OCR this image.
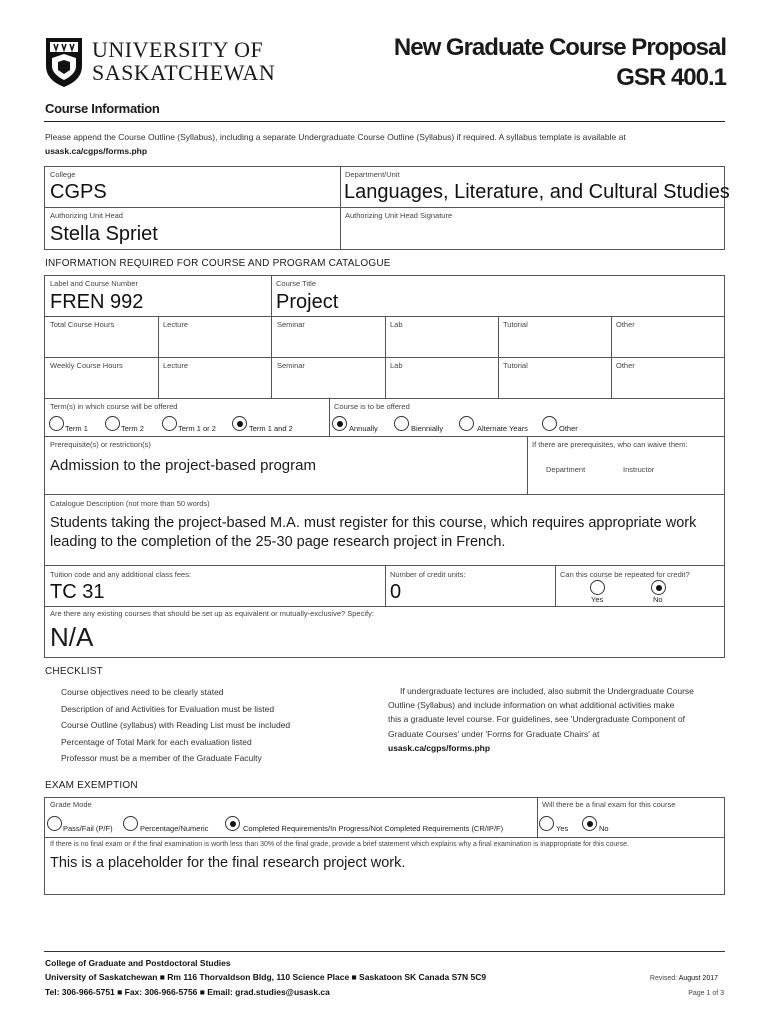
UNIVERSITY OF
SASKATCHEWAN
New Graduate Course Proposal
GSR 400.1
Course Information
Please append the Course Outline (Syllabus), including a separate Undergraduate Course Outline (Syllabus) if required. A syllabus template is available at
usask.ca/cgps/forms.php
College
CGPS
Department/Unit
Languages, Literature, and Cultural Studies
Authorizing Unit Head
Stella Spriet
Authorizing Unit Head Signature
INFORMATION REQUIRED FOR COURSE AND PROGRAM CATALOGUE
Label and Course Number
FREN 992
Course Title
Project
Total Course Hours	Lecture	Seminar	Lab	Tutorial	Other
Weekly Course Hours	Lecture	Seminar	Lab	Tutorial	Other
Term(s) in which course will be offered	Course is to be offered
Term 1	Term 2	Term 1 or 2	Term 1 and 2	Annually	Biennially	Alternate Years	Other
Prerequisite(s) or restriction(s)
Admission to the project-based program
If there are prerequisites, who can waive them:
Department	Instructor
Catalogue Description (not more than 50 words)
Students taking the project-based M.A. must register for this course, which requires appropriate work leading to the completion of the 25-30 page research project in French.
Tuition code and any additional class fees:
TC 31
Number of credit units:
0
Can this course be repeated for credit?
Yes	No
Are there any existing courses that should be set up as equivalent or mutually-exclusive? Specify:
N/A
CHECKLIST
Course objectives need to be clearly stated
Description of and Activities for Evaluation must be listed
Course Outline (syllabus) with Reading List must be included
Percentage of Total Mark for each evaluation listed
Professor must be a member of the Graduate Faculty
If undergraduate lectures are included, also submit the Undergraduate Course
Outline (Syllabus) and include information on what additional activities make
this a graduate level course. For guidelines, see 'Undergraduate Component of
Graduate Courses' under 'Forms for Graduate Chairs' at
usask.ca/cgps/forms.php
EXAM EXEMPTION
Grade Mode
Pass/Fail (P/F)	Percentage/Numeric	Completed Requirements/In Progress/Not Completed Requirements (CR/IP/F)
Will there be a final exam for this course
Yes	No
If there is no final exam or if the final examination is worth less than 30% of the final grade, provide a brief statement which explains why a final examination is inappropriate for this course.
This is a placeholder for the final research project work.
College of Graduate and Postdoctoral Studies
University of Saskatchewan ■ Rm 116 Thorvaldson Bldg, 110 Science Place ■ Saskatoon SK Canada S7N 5C9
Tel: 306-966-5751 ■ Fax: 306-966-5756 ■ Email: grad.studies@usask.ca
Revised: August 2017
Page 1 of 3
